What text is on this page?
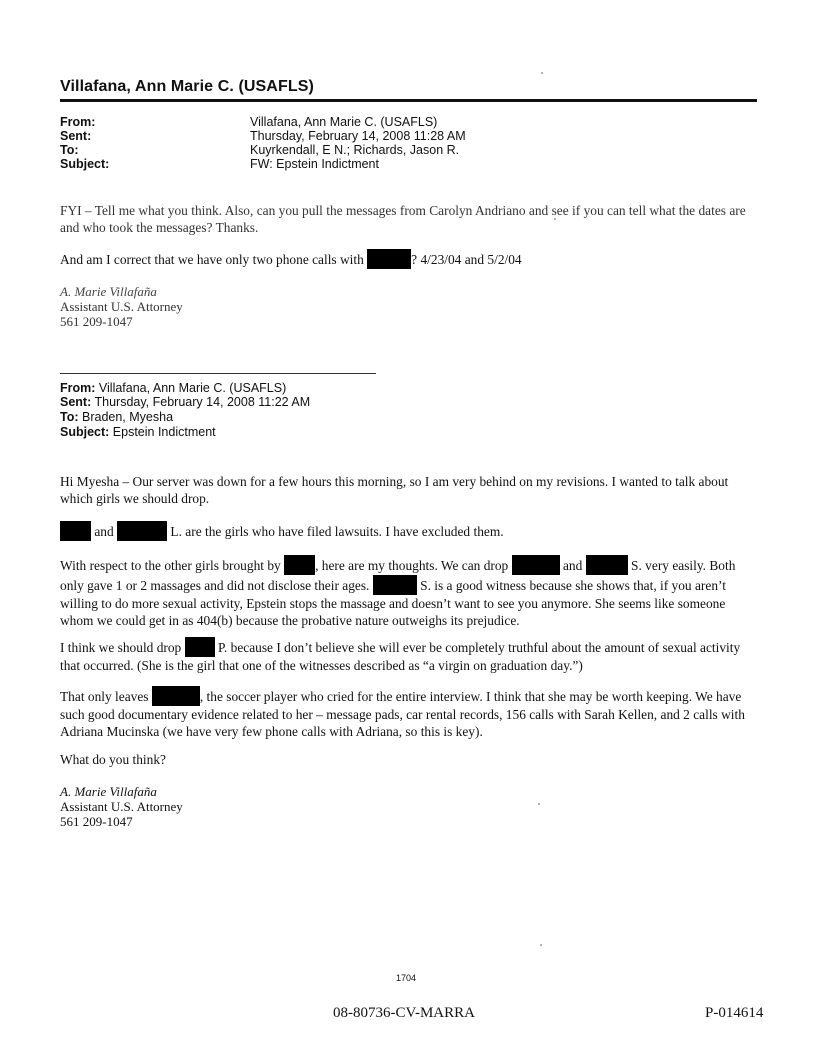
Villafana, Ann Marie C. (USAFLS)
From:	Villafana, Ann Marie C. (USAFLS)
Sent:	Thursday, February 14, 2008 11:28 AM
To:	Kuyrkendall, E N.; Richards, Jason R.
Subject:	FW: Epstein Indictment
FYI – Tell me what you think. Also, can you pull the messages from Carolyn Andriano and see if you can tell what the dates are and who took the messages? Thanks.
And am I correct that we have only two phone calls with	? 4/23/04 and 5/2/04
A. Marie Villafaña
Assistant U.S. Attorney
561 209-1047
From: Villafana, Ann Marie C. (USAFLS)
Sent: Thursday, February 14, 2008 11:22 AM
To: Braden, Myesha
Subject: Epstein Indictment
Hi Myesha – Our server was down for a few hours this morning, so I am very behind on my revisions. I wanted to talk about which girls we should drop.
and	L. are the girls who have filed lawsuits. I have excluded them.
With respect to the other girls brought by	, here are my thoughts. We can drop	and	S. very easily. Both only gave 1 or 2 massages and did not disclose their ages.	S. is a good witness because she shows that, if you aren’t willing to do more sexual activity, Epstein stops the massage and doesn’t want to see you anymore. She seems like someone whom we could get in as 404(b) because the probative nature outweighs its prejudice.
I think we should drop	P. because I don’t believe she will ever be completely truthful about the amount of sexual activity that occurred. (She is the girl that one of the witnesses described as “a virgin on graduation day.”)
That only leaves	, the soccer player who cried for the entire interview. I think that she may be worth keeping. We have such good documentary evidence related to her – message pads, car rental records, 156 calls with Sarah Kellen, and 2 calls with Adriana Mucinska (we have very few phone calls with Adriana, so this is key).
What do you think?
A. Marie Villafaña
Assistant U.S. Attorney
561 209-1047
1704
08-80736-CV-MARRA	P-014614
